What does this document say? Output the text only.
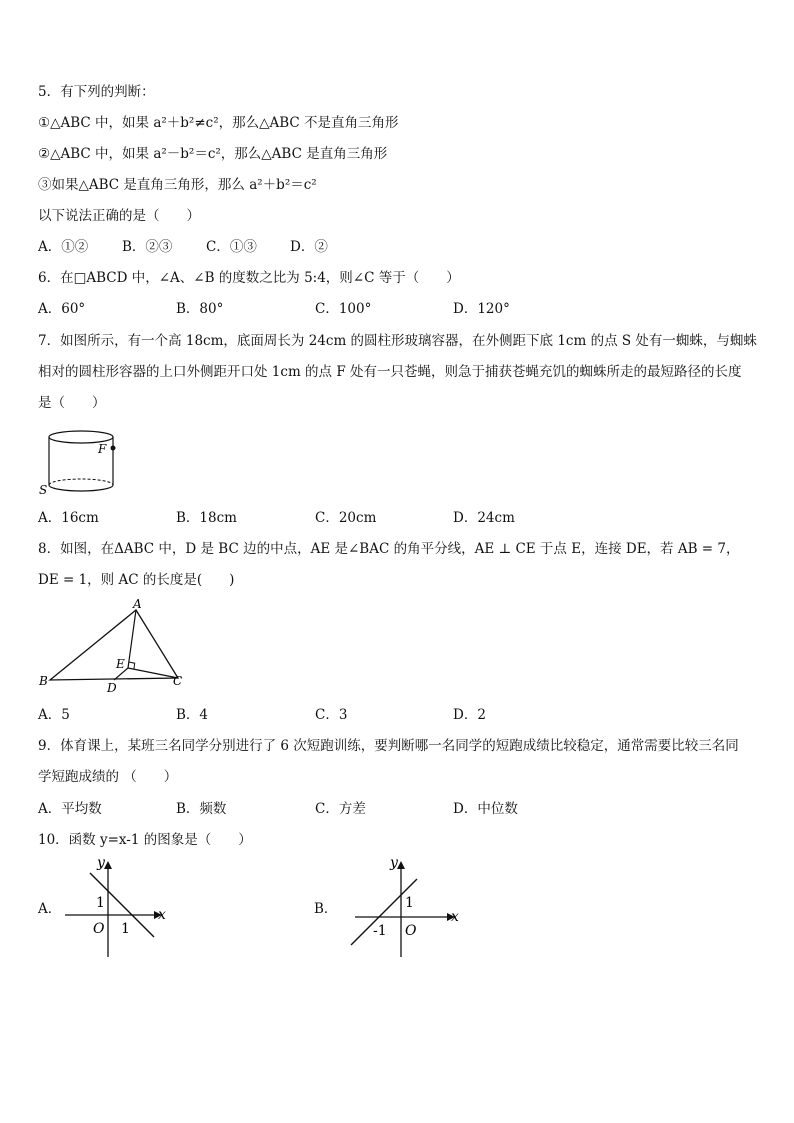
5．有下列的判断：
①△ABC 中，如果 a²＋b²≠c²，那么△ABC 不是直角三角形
②△ABC 中，如果 a²－b²＝c²，那么△ABC 是直角三角形
③如果△ABC 是直角三角形，那么 a²＋b²＝c²
以下说法正确的是（　　）
A．①②	B．②③ C．①③ D．②
6．在□ABCD 中，∠A、∠B 的度数之比为 5:4，则∠C 等于（　　）
A．60°	B．80°	C．100°	D．120°
7．如图所示，有一个高 18cm，底面周长为 24cm 的圆柱形玻璃容器，在外侧距下底 1cm 的点 S 处有一蜘蛛，与蜘蛛
相对的圆柱形容器的上口外侧距开口处 1cm 的点 F 处有一只苍蝇，则急于捕获苍蝇充饥的蜘蛛所走的最短路径的长度
是（　　）
F
S
A．16cm	B．18cm	C．20cm	D．24cm
8．如图，在ΔABC 中，D 是 BC 边的中点，AE 是∠BAC 的角平分线，AE ⊥ CE 于点 E，连接 DE，若 AB = 7，
DE = 1，则 AC 的长度是(　　)
A
B	C
D
E
A．5	B．4	C．3	D．2
9．体育课上，某班三名同学分别进行了 6 次短跑训练，要判断哪一名同学的短跑成绩比较稳定，通常需要比较三名同
学短跑成绩的 （　　）
A．平均数	B．频数	C．方差	D．中位数
10．函数 y=x-1 的图象是（　　）
A．	B．
y
x
O
1
1
y
x
O
1
-1
